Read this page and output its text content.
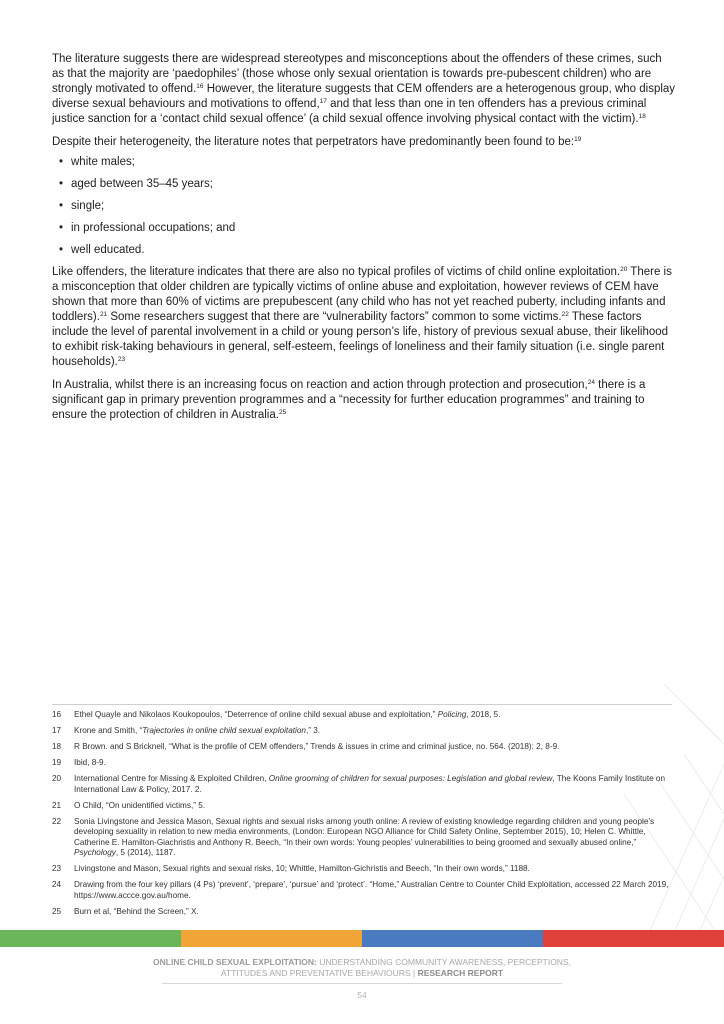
The literature suggests there are widespread stereotypes and misconceptions about the offenders of these crimes, such as that the majority are ‘paedophiles’ (those whose only sexual orientation is towards pre-pubescent children) who are strongly motivated to offend.$^{16}$ However, the literature suggests that CEM offenders are a heterogenous group, who display diverse sexual behaviours and motivations to offend,$^{17}$ and that less than one in ten offenders has a previous criminal justice sanction for a ‘contact child sexual offence’ (a child sexual offence involving physical contact with the victim).$^{18}$

Despite their heterogeneity, the literature notes that perpetrators have predominantly been found to be:$^{19}$

• white males;
• aged between 35–45 years;
• single;
• in professional occupations; and
• well educated.

Like offenders, the literature indicates that there are also no typical profiles of victims of child online exploitation.$^{20}$ There is a misconception that older children are typically victims of online abuse and exploitation, however reviews of CEM have shown that more than 60% of victims are prepubescent (any child who has not yet reached puberty, including infants and toddlers).$^{21}$ Some researchers suggest that there are “vulnerability factors” common to some victims.$^{22}$ These factors include the level of parental involvement in a child or young person’s life, history of previous sexual abuse, their likelihood to exhibit risk-taking behaviours in general, self-esteem, feelings of loneliness and their family situation (i.e. single parent households).$^{23}$

In Australia, whilst there is an increasing focus on reaction and action through protection and prosecution,$^{24}$ there is a significant gap in primary prevention programmes and a “necessity for further education programmes” and training to ensure the protection of children in Australia.$^{25}$

16 Ethel Quayle and Nikolaos Koukopoulos, “Deterrence of online child sexual abuse and exploitation,” Policing, 2018, 5.
17 Krone and Smith, “Trajectories in online child sexual exploitation,” 3.
18 R Brown. and S Bricknell, “What is the profile of CEM offenders,” Trends & issues in crime and criminal justice, no. 564. (2018): 2, 8-9.
19 Ibid, 8-9.
20 International Centre for Missing & Exploited Children, Online grooming of children for sexual purposes: Legislation and global review, The Koons Family Institute on International Law & Policy, 2017. 2.
21 O Child, “On unidentified victims,” 5.
22 Sonia Livingstone and Jessica Mason, Sexual rights and sexual risks among youth online: A review of existing knowledge regarding children and young people’s developing sexuality in relation to new media environments, (London: European NGO Alliance for Child Safety Online, September 2015), 10; Helen C. Whittle, Catherine E. Hamilton-Giachristis and Anthony R. Beech, “In their own words: Young peoples’ vulnerabilities to being groomed and sexually abused online,” Psychology, 5 (2014), 1187.
23 Livingstone and Mason, Sexual rights and sexual risks, 10; Whittle, Hamilton-Gichristis and Beech, “In their own words,” 1188.
24 Drawing from the four key pillars (4 Ps) ‘prevent’, ‘prepare’, ‘pursue’ and ‘protect’. “Home,” Australian Centre to Counter Child Exploitation, accessed 22 March 2019, https://www.accce.gov.au/home.
25 Burn et al, “Behind the Screen,” X.
ONLINE CHILD SEXUAL EXPLOITATION: UNDERSTANDING COMMUNITY AWARENESS, PERCEPTIONS,
ATTITUDES AND PREVENTATIVE BEHAVIOURS | RESEARCH REPORT
54
